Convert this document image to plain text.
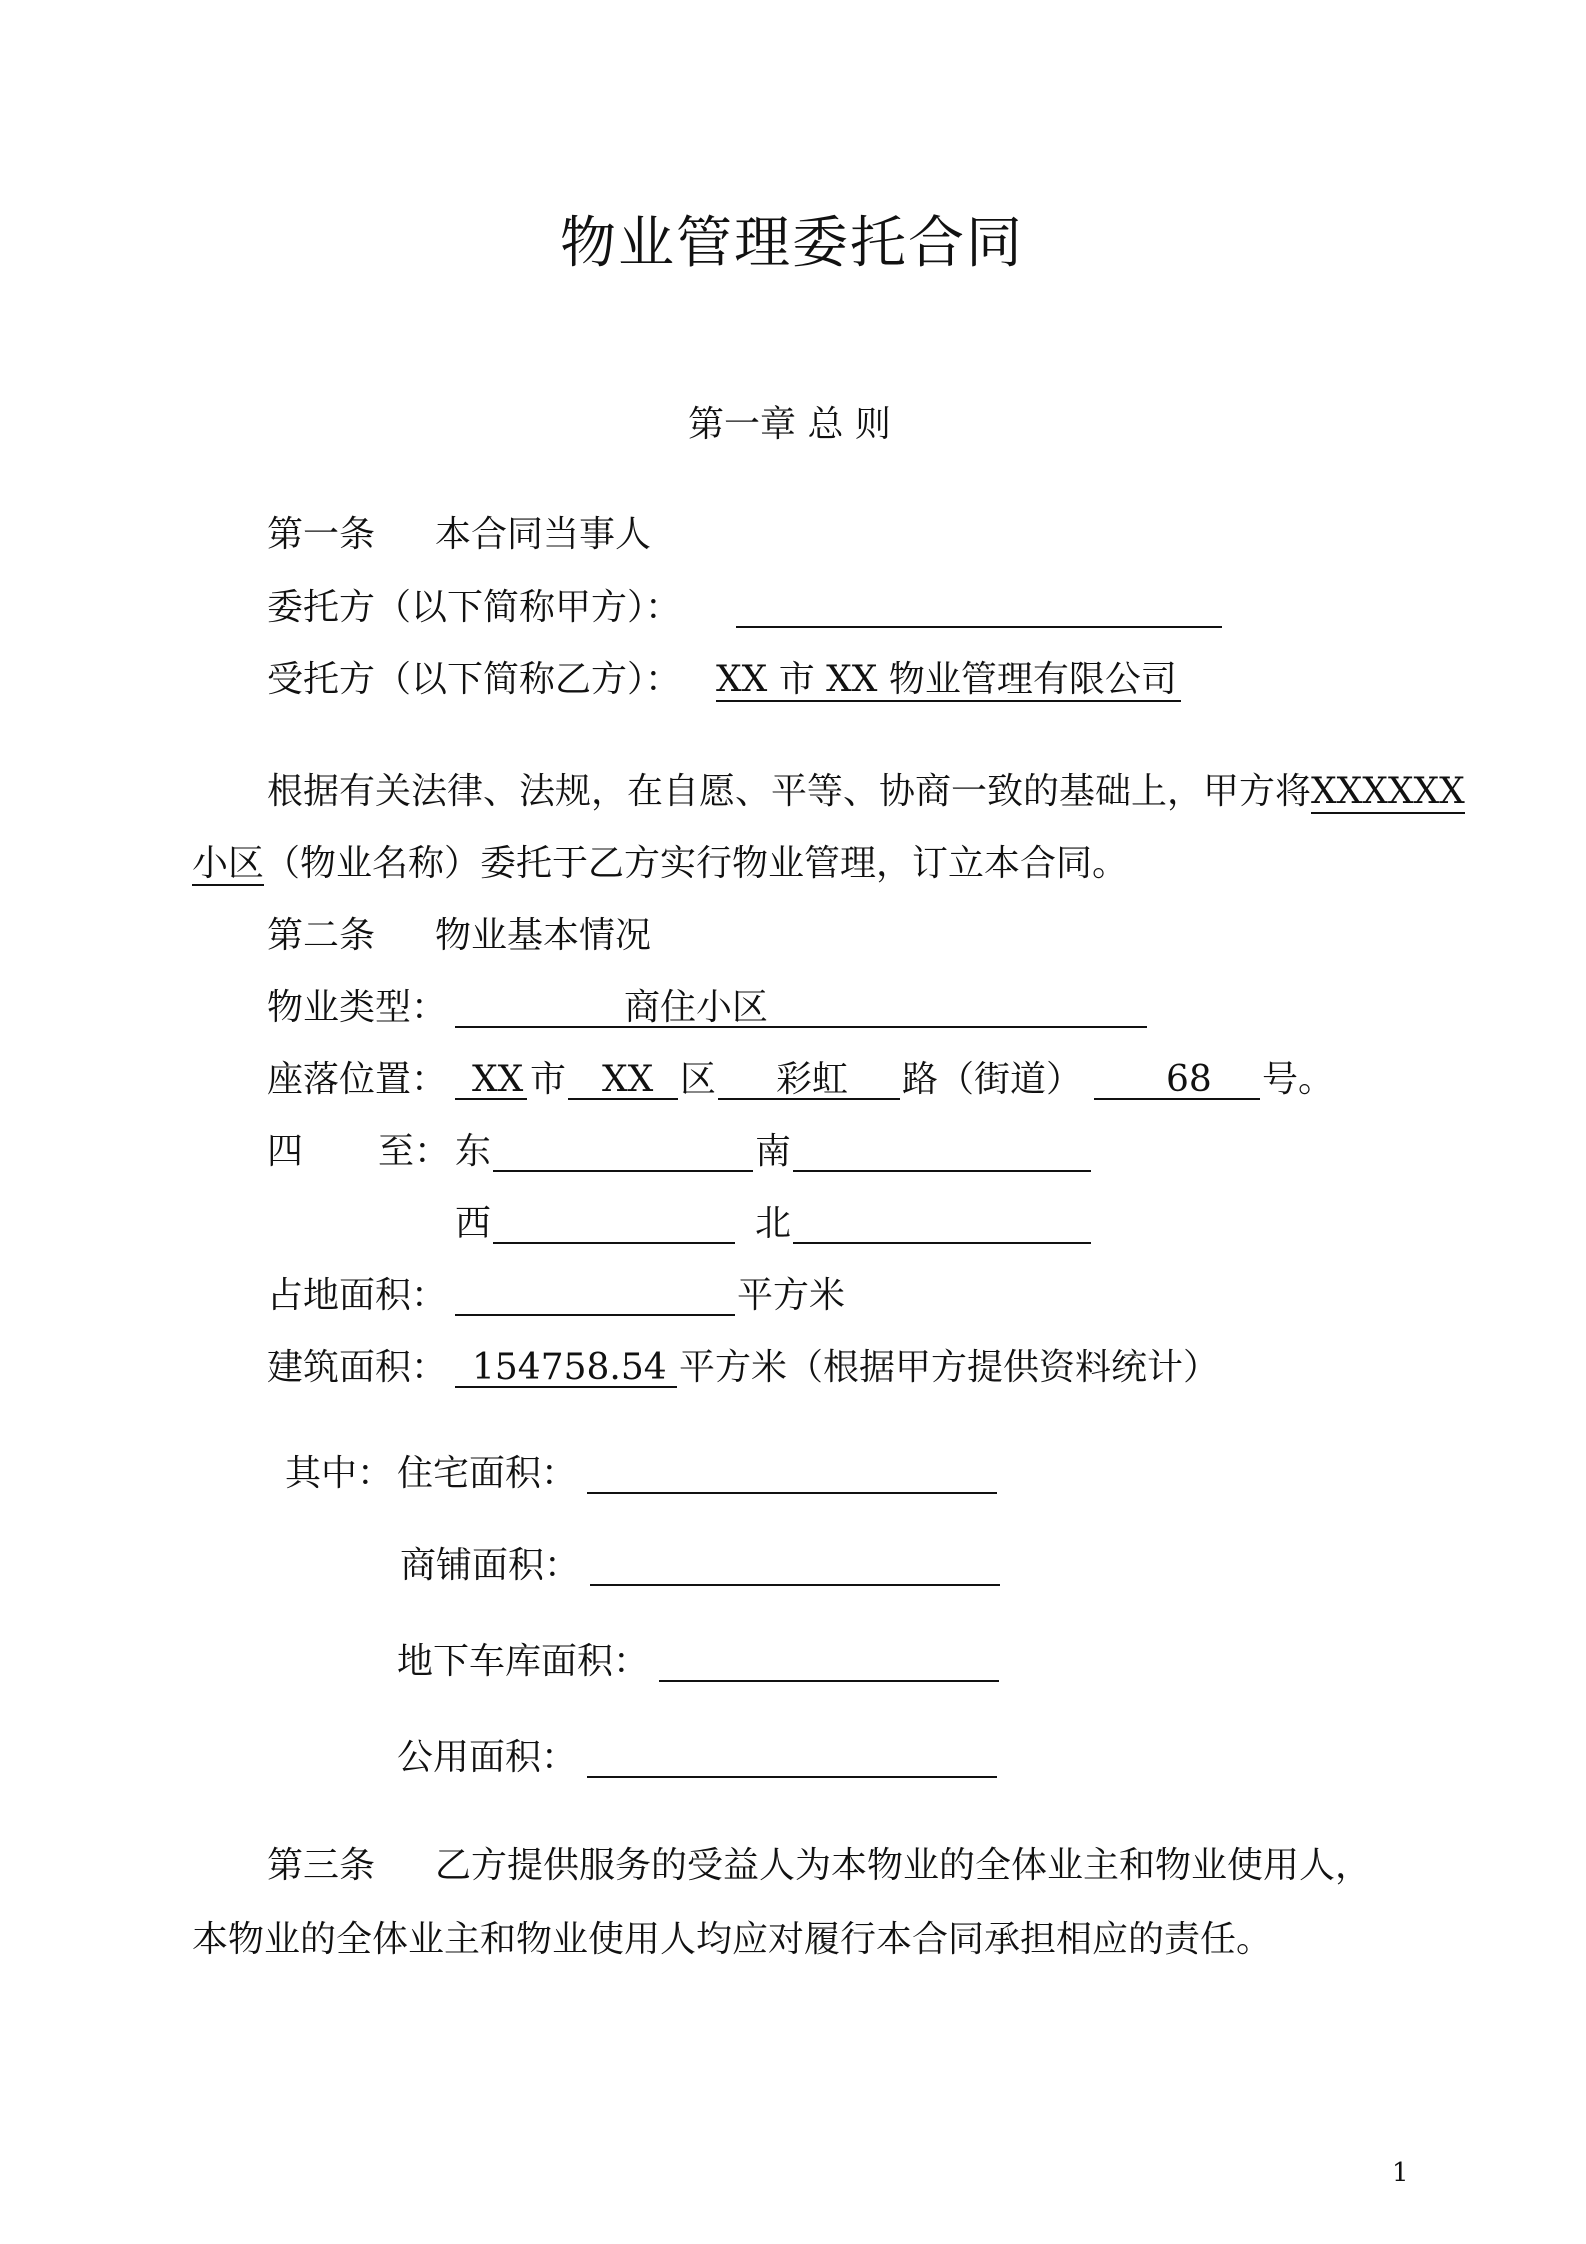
物业管理委托合同
第一章 总 则
第一条 本合同当事人
委托方（以下简称甲方）：
受托方（以下简称乙方）： XX 市 XX 物业管理有限公司
根据有关法律、法规，在自愿、平等、协商一致的基础上，甲方将XXXXXX
小区（物业名称）委托于乙方实行物业管理，订立本合同。
第二条 物业基本情况
物业类型：	商住小区
座落位置： XX 市 XX 区 彩虹 路（街道） 68 号。
四 至： 东	南
西	北
占地面积：	平方米
建筑面积： 154758.54 平方米（根据甲方提供资料统计）
其中： 住宅面积：
商铺面积：
地下车库面积：
公用面积：
第三条 乙方提供服务的受益人为本物业的全体业主和物业使用人，
本物业的全体业主和物业使用人均应对履行本合同承担相应的责任。
1
